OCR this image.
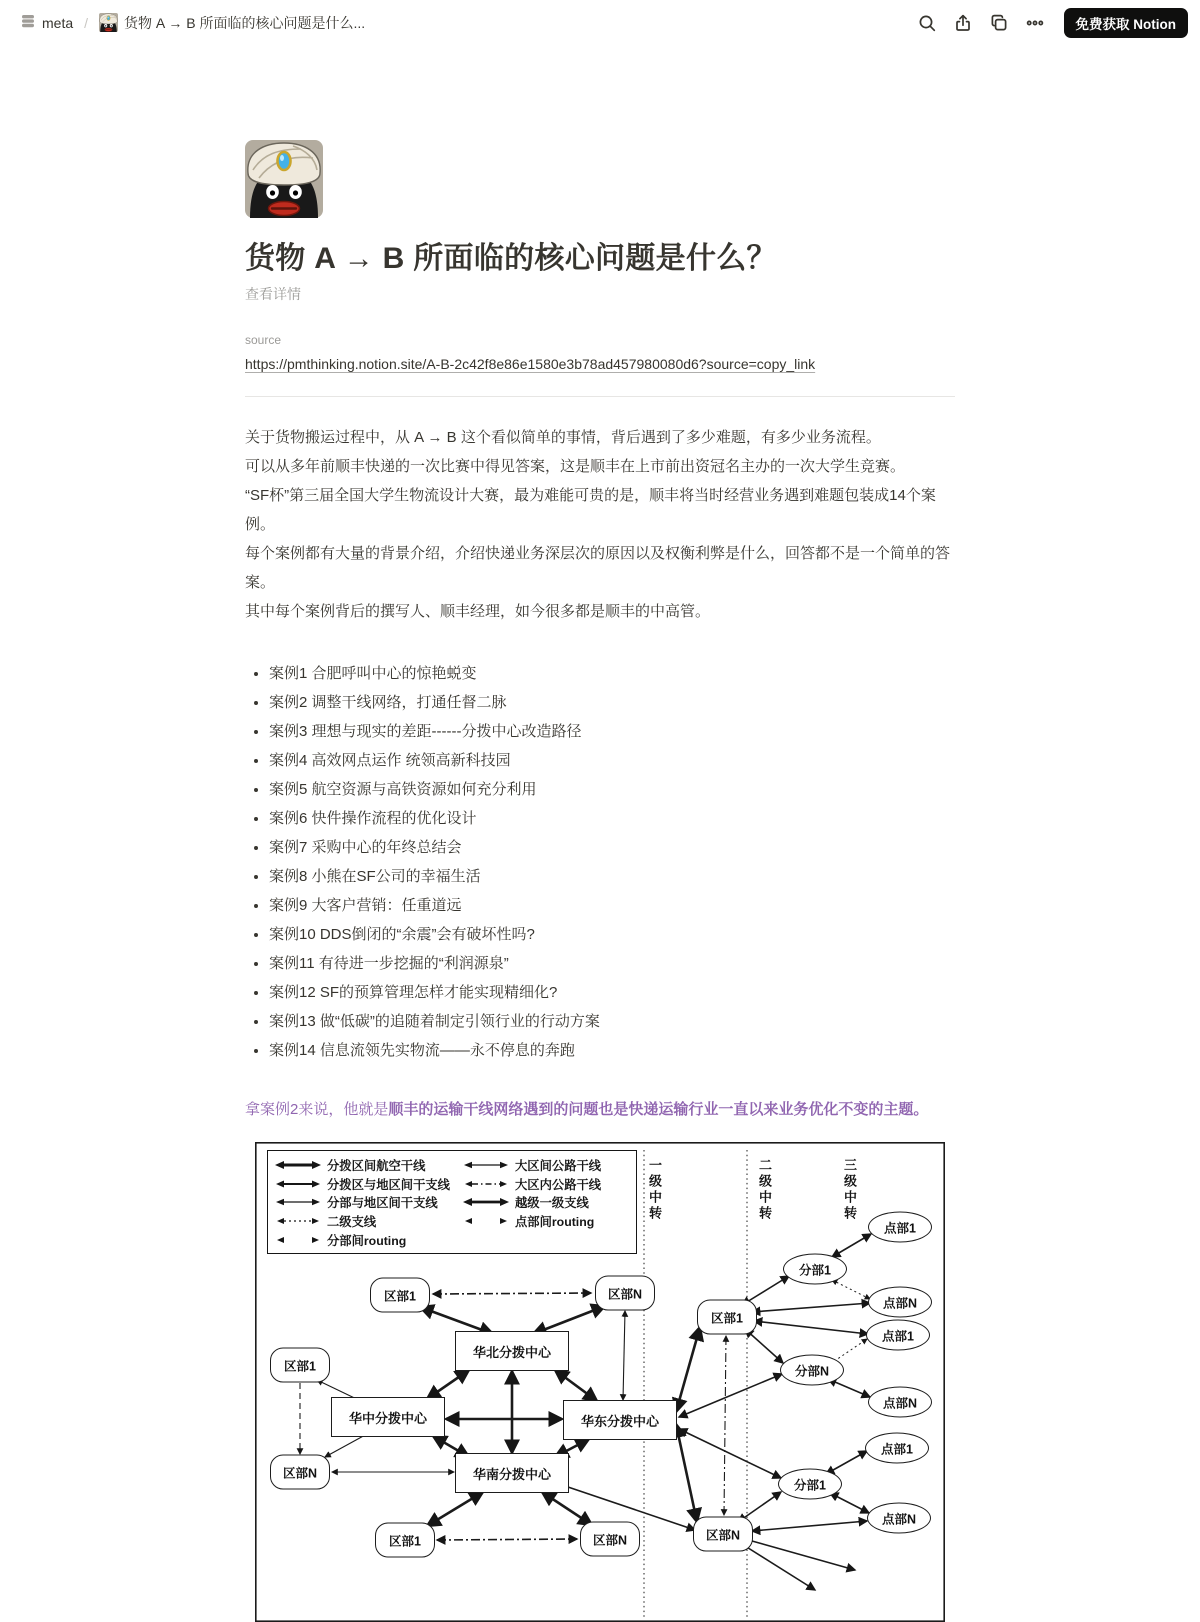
meta /	货物 A → B 所面临的核心问题是什么...	免费获取 Notion
货物 A → B 所面临的核心问题是什么？
查看详情
source
https://pmthinking.notion.site/A-B-2c42f8e86e1580e3b78ad457980080d6?source=copy_link

关于货物搬运过程中，从 A → B 这个看似简单的事情，背后遇到了多少难题，有多少业务流程。

可以从多年前顺丰快递的一次比赛中得见答案，这是顺丰在上市前出资冠名主办的一次大学生竞赛。

“SF杯”第三届全国大学生物流设计大赛，最为难能可贵的是，顺丰将当时经营业务遇到难题包装成14个案例。

每个案例都有大量的背景介绍，介绍快递业务深层次的原因以及权衡利弊是什么，回答都不是一个简单的答案。

其中每个案例背后的撰写人、顺丰经理，如今很多都是顺丰的中高管。

• 案例1 合肥呼叫中心的惊艳蜕变
• 案例2 调整干线网络，打通任督二脉
• 案例3 理想与现实的差距------分拨中心改造路径
• 案例4 高效网点运作 统领高新科技园
• 案例5 航空资源与高铁资源如何充分利用
• 案例6 快件操作流程的优化设计
• 案例7 采购中心的年终总结会
• 案例8 小熊在SF公司的幸福生活
• 案例9 大客户营销：任重道远
• 案例10 DDS倒闭的“余震”会有破坏性吗?
• 案例11 有待进一步挖掘的“利润源泉”
• 案例12 SF的预算管理怎样才能实现精细化?
• 案例13 做“低碳”的追随着制定引领行业的行动方案
• 案例14 信息流领先实物流——永不停息的奔跑

拿案例2来说，他就是顺丰的运输干线网络遇到的问题也是快递运输行业一直以来业务优化不变的主题。

分拨区间航空干线
分拨区与地区间干支线
分部与地区间干支线
二级支线
分部间routing
大区间公路干线
大区内公路干线
越级一级支线
点部间routing
一级中转	二级中转	三级中转
区部1	区部N
区部1
华北分拨中心
华中分拨中心	华东分拨中心
华南分拨中心
区部N
区部1	区部N
区部1
区部N
分部1
分部N
分部1
点部1
点部N
点部1
点部N
点部1
点部N
